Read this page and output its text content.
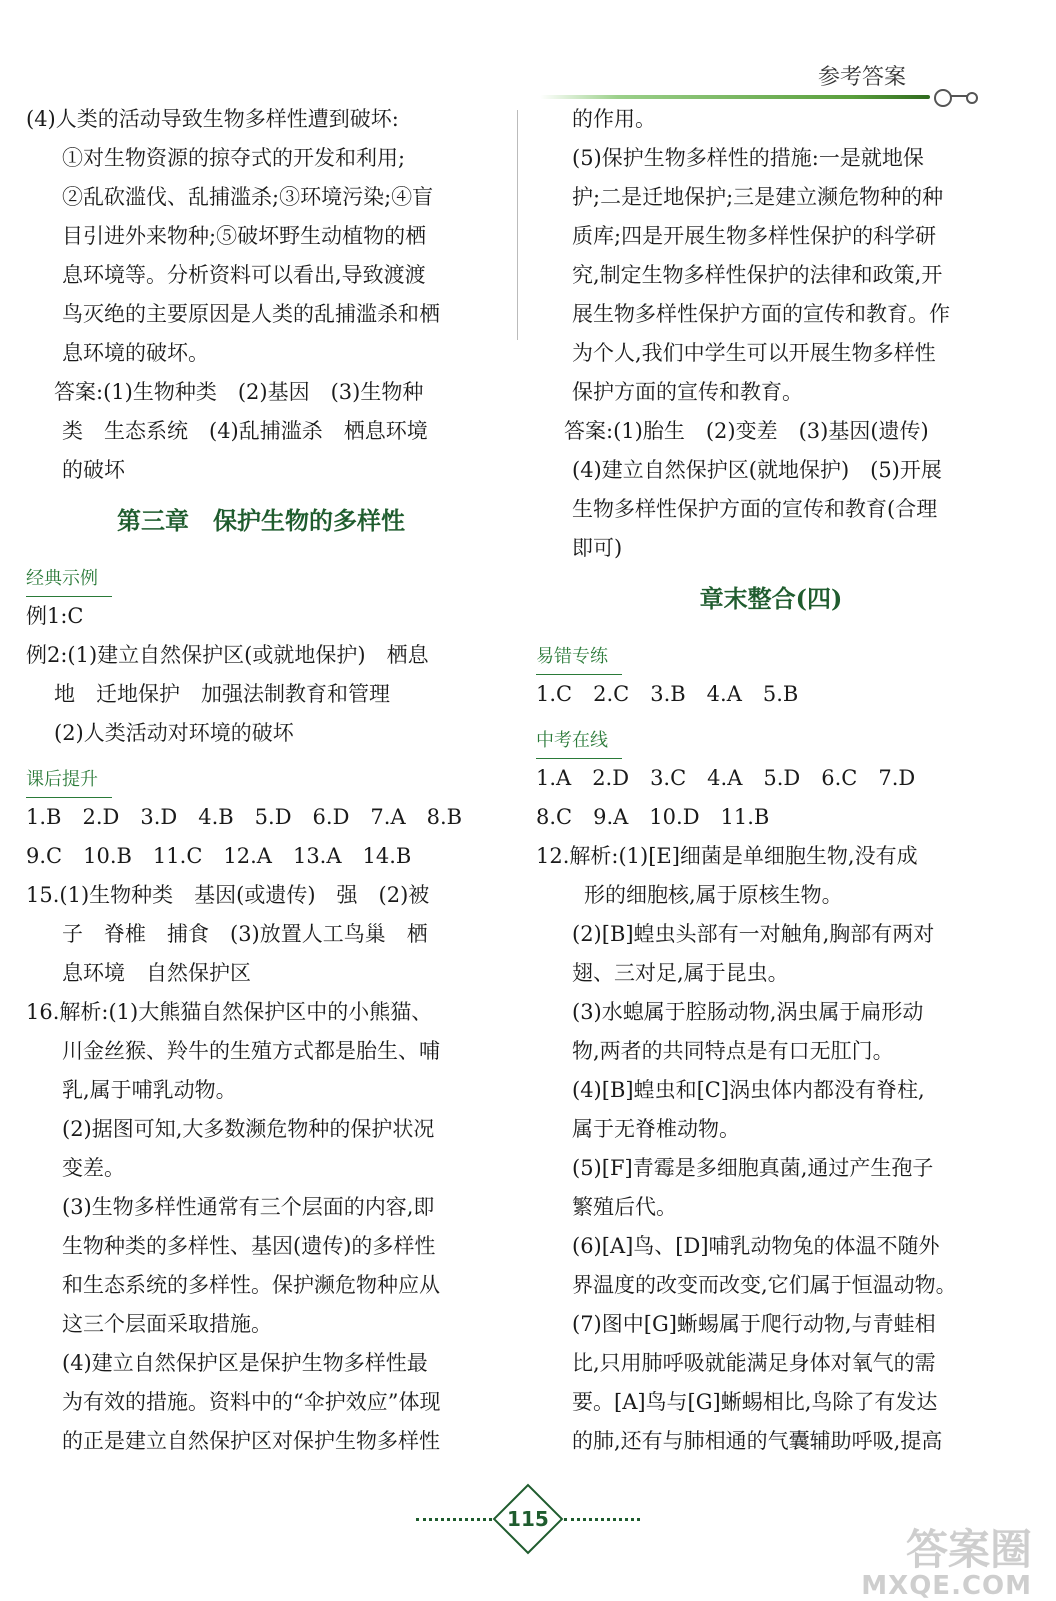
参考答案
(4)人类的活动导致生物多样性遭到破坏:
①对生物资源的掠夺式的开发和利用;
②乱砍滥伐、乱捕滥杀;③环境污染;④盲
目引进外来物种;⑤破坏野生动植物的栖
息环境等。分析资料可以看出,导致渡渡
鸟灭绝的主要原因是人类的乱捕滥杀和栖
息环境的破坏。
答案:(1)生物种类　(2)基因　(3)生物种
类　生态系统　(4)乱捕滥杀　栖息环境
的破坏
第三章　保护生物的多样性
经典示例
例1:C
例2:(1)建立自然保护区(或就地保护)　栖息
地　迁地保护　加强法制教育和管理
(2)人类活动对环境的破坏
课后提升
1.B　2.D　3.D　4.B　5.D　6.D　7.A　8.B
9.C　10.B　11.C　12.A　13.A　14.B
15.(1)生物种类　基因(或遗传)　强　(2)被
子　脊椎　捕食　(3)放置人工鸟巢　栖
息环境　自然保护区
16.解析:(1)大熊猫自然保护区中的小熊猫、
川金丝猴、羚牛的生殖方式都是胎生、哺
乳,属于哺乳动物。
(2)据图可知,大多数濒危物种的保护状况
变差。
(3)生物多样性通常有三个层面的内容,即
生物种类的多样性、基因(遗传)的多样性
和生态系统的多样性。保护濒危物种应从
这三个层面采取措施。
(4)建立自然保护区是保护生物多样性最
为有效的措施。资料中的“伞护效应”体现
的正是建立自然保护区对保护生物多样性
的作用。
(5)保护生物多样性的措施:一是就地保
护;二是迁地保护;三是建立濒危物种的种
质库;四是开展生物多样性保护的科学研
究,制定生物多样性保护的法律和政策,开
展生物多样性保护方面的宣传和教育。作
为个人,我们中学生可以开展生物多样性
保护方面的宣传和教育。
答案:(1)胎生　(2)变差　(3)基因(遗传)
(4)建立自然保护区(就地保护)　(5)开展
生物多样性保护方面的宣传和教育(合理
即可)
章末整合(四)
易错专练
1.C　2.C　3.B　4.A　5.B
中考在线
1.A　2.D　3.C　4.A　5.D　6.C　7.D
8.C　9.A　10.D　11.B
12.解析:(1)[E]细菌是单细胞生物,没有成
形的细胞核,属于原核生物。
(2)[B]蝗虫头部有一对触角,胸部有两对
翅、三对足,属于昆虫。
(3)水螅属于腔肠动物,涡虫属于扁形动
物,两者的共同特点是有口无肛门。
(4)[B]蝗虫和[C]涡虫体内都没有脊柱,
属于无脊椎动物。
(5)[F]青霉是多细胞真菌,通过产生孢子
繁殖后代。
(6)[A]鸟、[D]哺乳动物兔的体温不随外
界温度的改变而改变,它们属于恒温动物。
(7)图中[G]蜥蜴属于爬行动物,与青蛙相
比,只用肺呼吸就能满足身体对氧气的需
要。[A]鸟与[G]蜥蜴相比,鸟除了有发达
的肺,还有与肺相通的气囊辅助呼吸,提高
115
答案圈
MXQE.COM
